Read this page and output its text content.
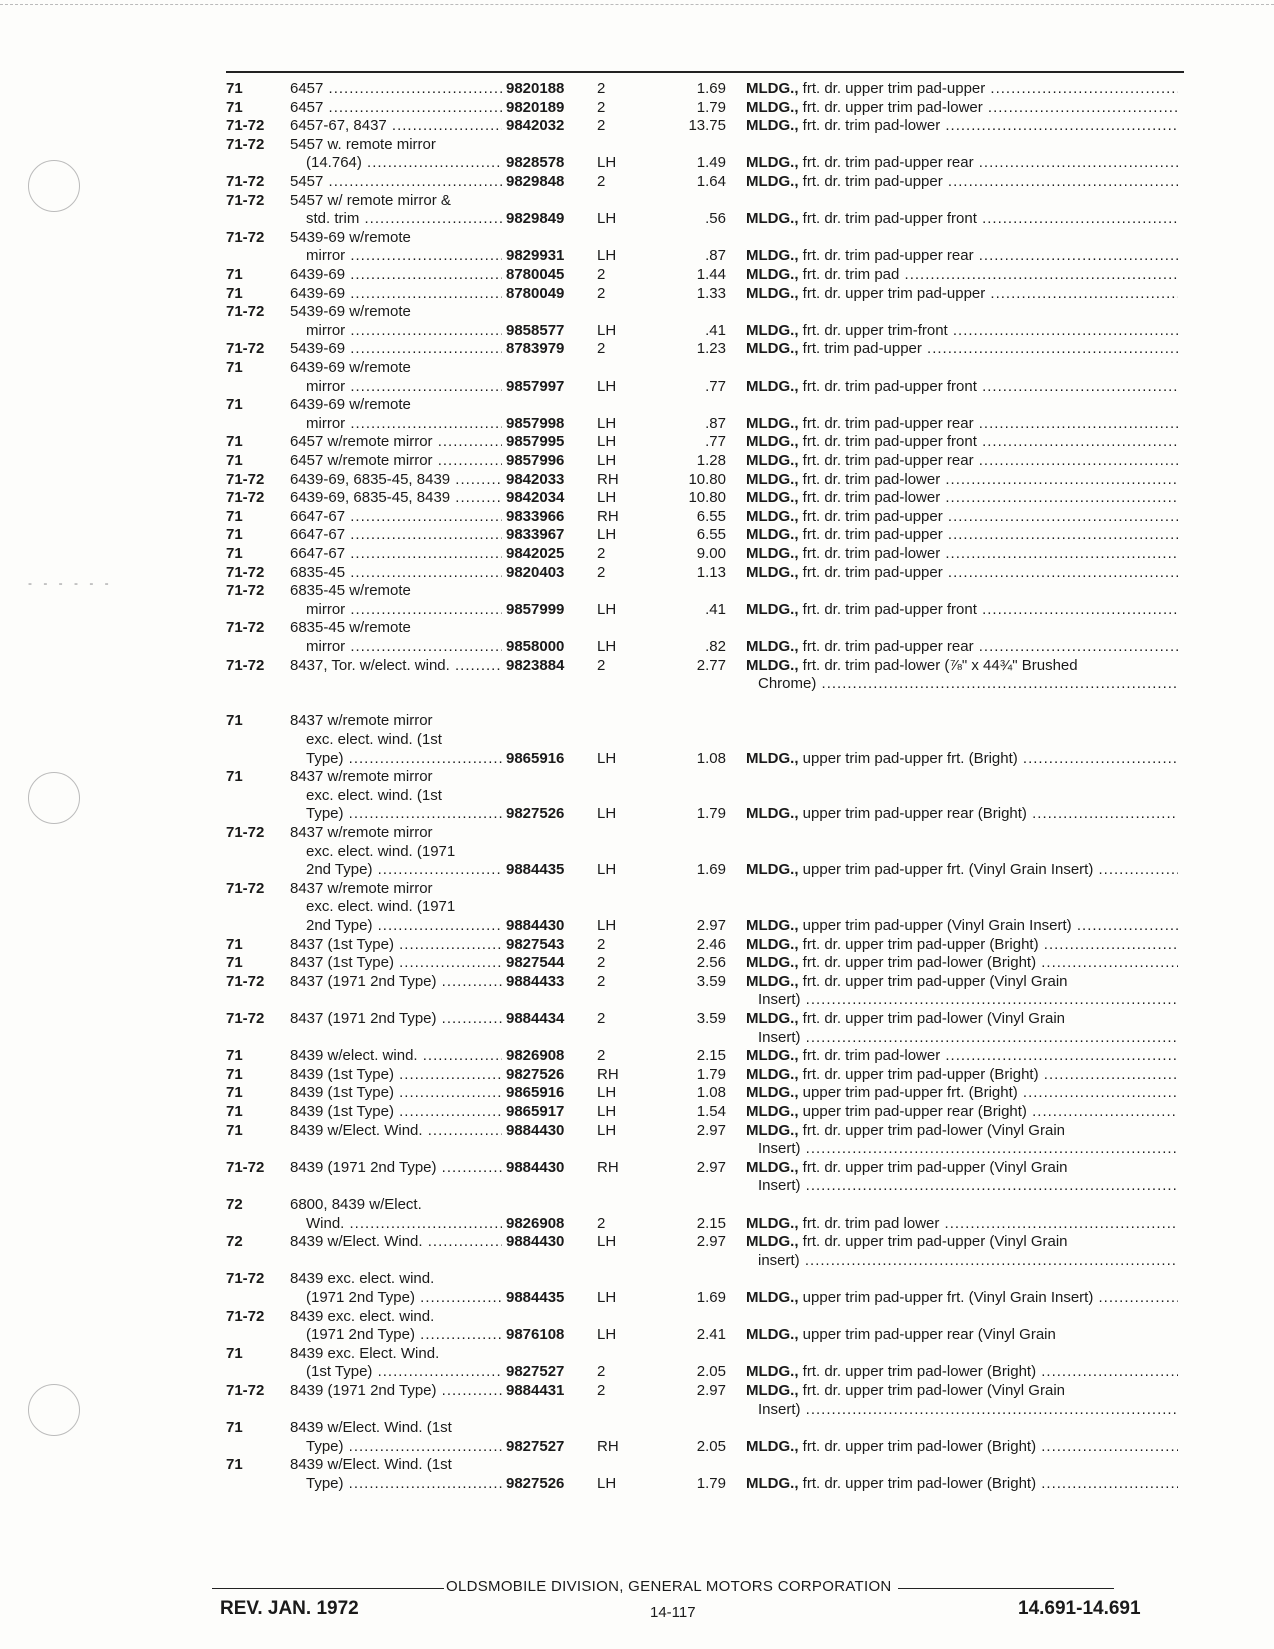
- - - - - -
71	6457 .....	9820188 2	1.69 MLDG., frt. dr. upper trim pad-upper .....
71	6457 .....	9820189 2	1.79 MLDG., frt. dr. upper trim pad-lower .....
71-72 6457-67, 8437 .....	9842032 2	13.75 MLDG., frt. dr. trim pad-lower .....
71-72 5457 w. remote mirror
(14.764) .....	9828578 LH	1.49 MLDG., frt. dr. trim pad-upper rear .....
71-72 5457 .....	9829848 2	1.64 MLDG., frt. dr. trim pad-upper .....
71-72 5457 w/ remote mirror &
std. trim .....	9829849 LH	.56 MLDG., frt. dr. trim pad-upper front .....
71-72 5439-69 w/remote
mirror .....	9829931 LH	.87 MLDG., frt. dr. trim pad-upper rear .....
71	6439-69 .....	8780045 2	1.44 MLDG., frt. dr. trim pad .....
71	6439-69 .....	8780049 2	1.33 MLDG., frt. dr. upper trim pad-upper .....
71-72 5439-69 w/remote
mirror .....	9858577 LH	.41 MLDG., frt. dr. upper trim-front .....
71-72 5439-69 .....	8783979 2	1.23 MLDG., frt. trim pad-upper .....
71	6439-69 w/remote
mirror .....	9857997 LH	.77 MLDG., frt. dr. trim pad-upper front .....
71	6439-69 w/remote
mirror .....	9857998 LH	.87 MLDG., frt. dr. trim pad-upper rear .....
71	6457 w/remote mirror .....	9857995 LH	.77 MLDG., frt. dr. trim pad-upper front .....
71	6457 w/remote mirror .....	9857996 LH	1.28 MLDG., frt. dr. trim pad-upper rear .....
71-72 6439-69, 6835-45, 8439 .....	9842033 RH	10.80 MLDG., frt. dr. trim pad-lower .....
71-72 6439-69, 6835-45, 8439 .....	9842034 LH	10.80 MLDG., frt. dr. trim pad-lower .....
71	6647-67 .....	9833966 RH	6.55 MLDG., frt. dr. trim pad-upper .....
71	6647-67 .....	9833967 LH	6.55 MLDG., frt. dr. trim pad-upper .....
71	6647-67 .....	9842025 2	9.00 MLDG., frt. dr. trim pad-lower .....
71-72 6835-45 .....	9820403 2	1.13 MLDG., frt. dr. trim pad-upper .....
71-72 6835-45 w/remote
mirror .....	9857999 LH	.41 MLDG., frt. dr. trim pad-upper front .....
71-72 6835-45 w/remote
mirror .....	9858000 LH	.82 MLDG., frt. dr. trim pad-upper rear .....
71-72 8437, Tor. w/elect. wind. .....	9823884 2	2.77 MLDG., frt. dr. trim pad-lower (⅞" x 44¾" Brushed
Chrome) .....
71	8437 w/remote mirror
exc. elect. wind. (1st
Type) .....	9865916 LH	1.08 MLDG., upper trim pad-upper frt. (Bright) .....
71	8437 w/remote mirror
exc. elect. wind. (1st
Type) .....	9827526 LH	1.79 MLDG., upper trim pad-upper rear (Bright) .....
71-72 8437 w/remote mirror
exc. elect. wind. (1971
2nd Type) .....	9884435 LH	1.69 MLDG., upper trim pad-upper frt. (Vinyl Grain Insert) .....
71-72 8437 w/remote mirror
exc. elect. wind. (1971
2nd Type) .....	9884430 LH	2.97 MLDG., upper trim pad-upper (Vinyl Grain Insert) .....
71	8437 (1st Type) .....	9827543 2	2.46 MLDG., frt. dr. upper trim pad-upper (Bright) .....
71	8437 (1st Type) .....	9827544 2	2.56 MLDG., frt. dr. upper trim pad-lower (Bright) .....
71-72 8437 (1971 2nd Type) .....	9884433 2	3.59 MLDG., frt. dr. upper trim pad-upper (Vinyl Grain
Insert) .....
71-72 8437 (1971 2nd Type) .....	9884434 2	3.59 MLDG., frt. dr. upper trim pad-lower (Vinyl Grain
Insert) .....
71	8439 w/elect. wind. .....	9826908 2	2.15 MLDG., frt. dr. trim pad-lower .....
71	8439 (1st Type) .....	9827526 RH	1.79 MLDG., frt. dr. upper trim pad-upper (Bright) .....
71	8439 (1st Type) .....	9865916 LH	1.08 MLDG., upper trim pad-upper frt. (Bright) .....
71	8439 (1st Type) .....	9865917 LH	1.54 MLDG., upper trim pad-upper rear (Bright) .....
71	8439 w/Elect. Wind. .....	9884430 LH	2.97 MLDG., frt. dr. upper trim pad-lower (Vinyl Grain
Insert) .....
71-72 8439 (1971 2nd Type) .....	9884430 RH	2.97 MLDG., frt. dr. upper trim pad-upper (Vinyl Grain
Insert) .....
72	6800, 8439 w/Elect.
Wind. .....	9826908 2	2.15 MLDG., frt. dr. trim pad lower .....
72	8439 w/Elect. Wind. .....	9884430 LH	2.97 MLDG., frt. dr. upper trim pad-upper (Vinyl Grain
insert) .....
71-72 8439 exc. elect. wind.
(1971 2nd Type) .....	9884435 LH	1.69 MLDG., upper trim pad-upper frt. (Vinyl Grain Insert) .....
71-72 8439 exc. elect. wind.
(1971 2nd Type) .....	9876108 LH	2.41 MLDG., upper trim pad-upper rear (Vinyl Grain
71	8439 exc. Elect. Wind.
(1st Type) .....	9827527 2	2.05 MLDG., frt. dr. upper trim pad-lower (Bright) .....
71-72 8439 (1971 2nd Type) .....	9884431 2	2.97 MLDG., frt. dr. upper trim pad-lower (Vinyl Grain
Insert) .....
71	8439 w/Elect. Wind. (1st
Type) .....	9827527 RH	2.05 MLDG., frt. dr. upper trim pad-lower (Bright) .....
71	8439 w/Elect. Wind. (1st
Type) .....	9827526 LH	1.79 MLDG., frt. dr. upper trim pad-lower (Bright) .....
OLDSMOBILE DIVISION, GENERAL MOTORS CORPORATION
REV. JAN. 1972	14-117	14.691-14.691
